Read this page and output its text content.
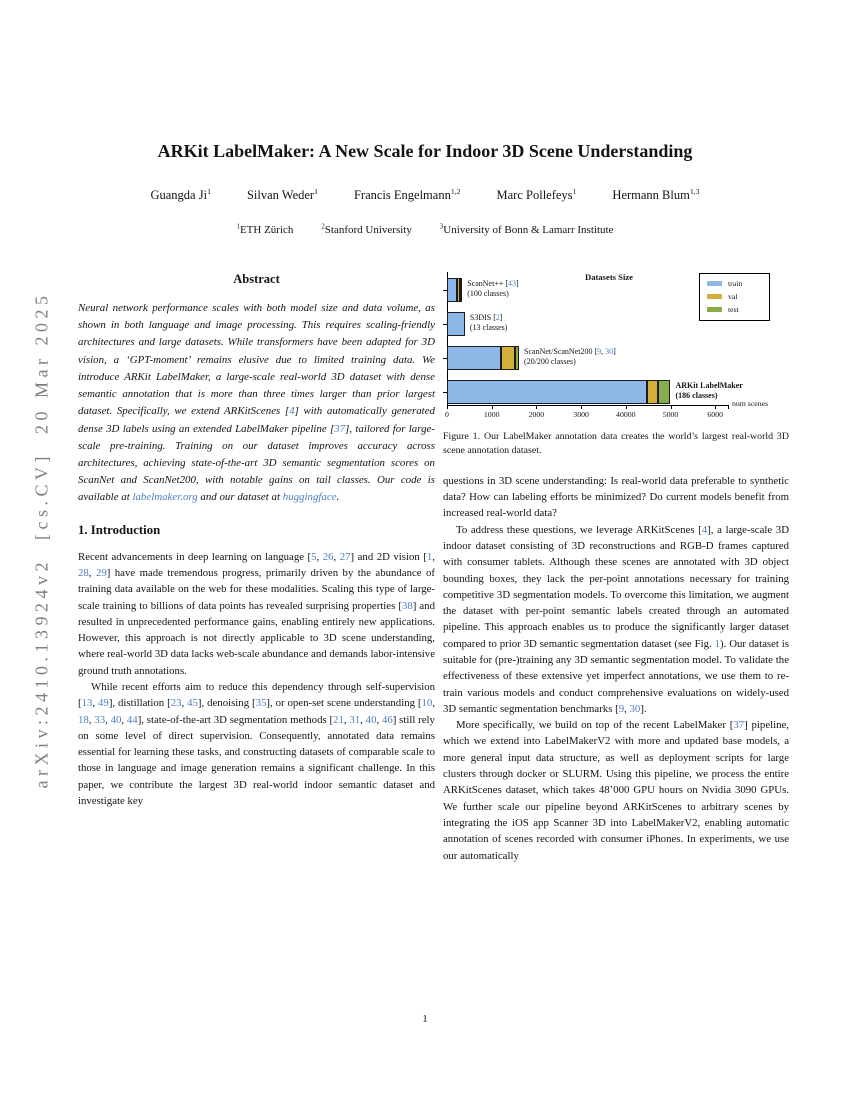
arXiv:2410.13924v2  [cs.CV]  20 Mar 2025
ARKit LabelMaker: A New Scale for Indoor 3D Scene Understanding
Guangda Ji$^1$	Silvan Weder$^1$	Francis Engelmann$^{1,2}$	Marc Pollefeys$^1$	Hermann Blum$^{1,3}$
$^1$ETH Zürich	$^2$Stanford University	$^3$University of Bonn & Lamarr Institute
Abstract

Neural network performance scales with both model size and data volume, as shown in both language and image processing. This requires scaling-friendly architectures and large datasets. While transformers have been adapted for 3D vision, a ‘GPT-moment’ remains elusive due to limited training data. We introduce ARKit LabelMaker, a large-scale real-world 3D dataset with dense semantic annotation that is more than three times larger than prior largest dataset. Specifically, we extend ARKitScenes [4] with automatically generated dense 3D labels using an extended LabelMaker pipeline [37], tailored for large-scale pre-training. Training on our dataset improves accuracy across architectures, achieving state-of-the-art 3D semantic segmentation scores on ScanNet and ScanNet200, with notable gains on tail classes. Our code is available at labelmaker.org and our dataset at huggingface.

1. Introduction

Recent advancements in deep learning on language [5, 26, 27] and 2D vision [1, 28, 29] have made tremendous progress, primarily driven by the abundance of training data available on the web for these modalities. Scaling this type of large-scale training to billions of data points has revealed surprising properties [38] and resulted in unprecedented performance gains, enabling entirely new applications. However, this approach is not directly applicable to 3D scene understanding, where real-world 3D data lacks web-scale abundance and demands labor-intensive ground truth annotations.

While recent efforts aim to reduce this dependency through self-supervision [13, 49], distillation [23, 45], denoising [35], or open-set scene understanding [10, 18, 33, 40, 44], state-of-the-art 3D segmentation methods [21, 31, 40, 46] still rely on some level of direct supervision. Consequently, annotated data remains essential for learning these tasks, and constructing datasets of comparable scale to those in language and image generation remains a significant challenge. In this paper, we contribute the largest 3D real-world indoor semantic dataset and investigate key

Datasets Size
train
val
test
num scenes
ScanNet++ [43]
(100 classes)
S3DIS [2]
(13 classes)
ScanNet/ScanNet200 [9, 30]
(20/200 classes)
ARKit LabelMaker
(186 classes)
0	1000	2000	3000	40000	5000	6000

Figure 1. Our LabelMaker annotation data creates the world’s largest real-world 3D scene annotation dataset.

questions in 3D scene understanding: Is real-world data preferable to synthetic data? How can labeling efforts be minimized? Do current models benefit from increased real-world data?

To address these questions, we leverage ARKitScenes [4], a large-scale 3D indoor dataset consisting of 3D reconstructions and RGB-D frames captured with consumer tablets. Although these scenes are annotated with 3D object bounding boxes, they lack the per-point annotations necessary for training competitive 3D segmentation models. To overcome this limitation, we augment the dataset with per-point semantic labels created through an automated pipeline. This approach enables us to produce the significantly larger dataset compared to prior 3D semantic segmentation dataset (see Fig. 1). Our dataset is suitable for (pre-)training any 3D semantic segmentation model. To validate the effectiveness of these extensive yet imperfect annotations, we use them to re-train various models and conduct comprehensive evaluations on widely-used 3D semantic segmentation benchmarks [9, 30].

More specifically, we build on top of the recent LabelMaker [37] pipeline, which we extend into LabelMakerV2 with more and updated base models, a more general input data structure, as well as deployment scripts for large clusters through docker or SLURM. Using this pipeline, we process the entire ARKitScenes dataset, which takes 48’000 GPU hours on Nvidia 3090 GPUs. We further scale our pipeline beyond ARKitScenes to arbitrary scenes by integrating the iOS app Scanner 3D into LabelMakerV2, enabling automatic annotation of scenes recorded with consumer iPhones. In experiments, we use our automatically

1
